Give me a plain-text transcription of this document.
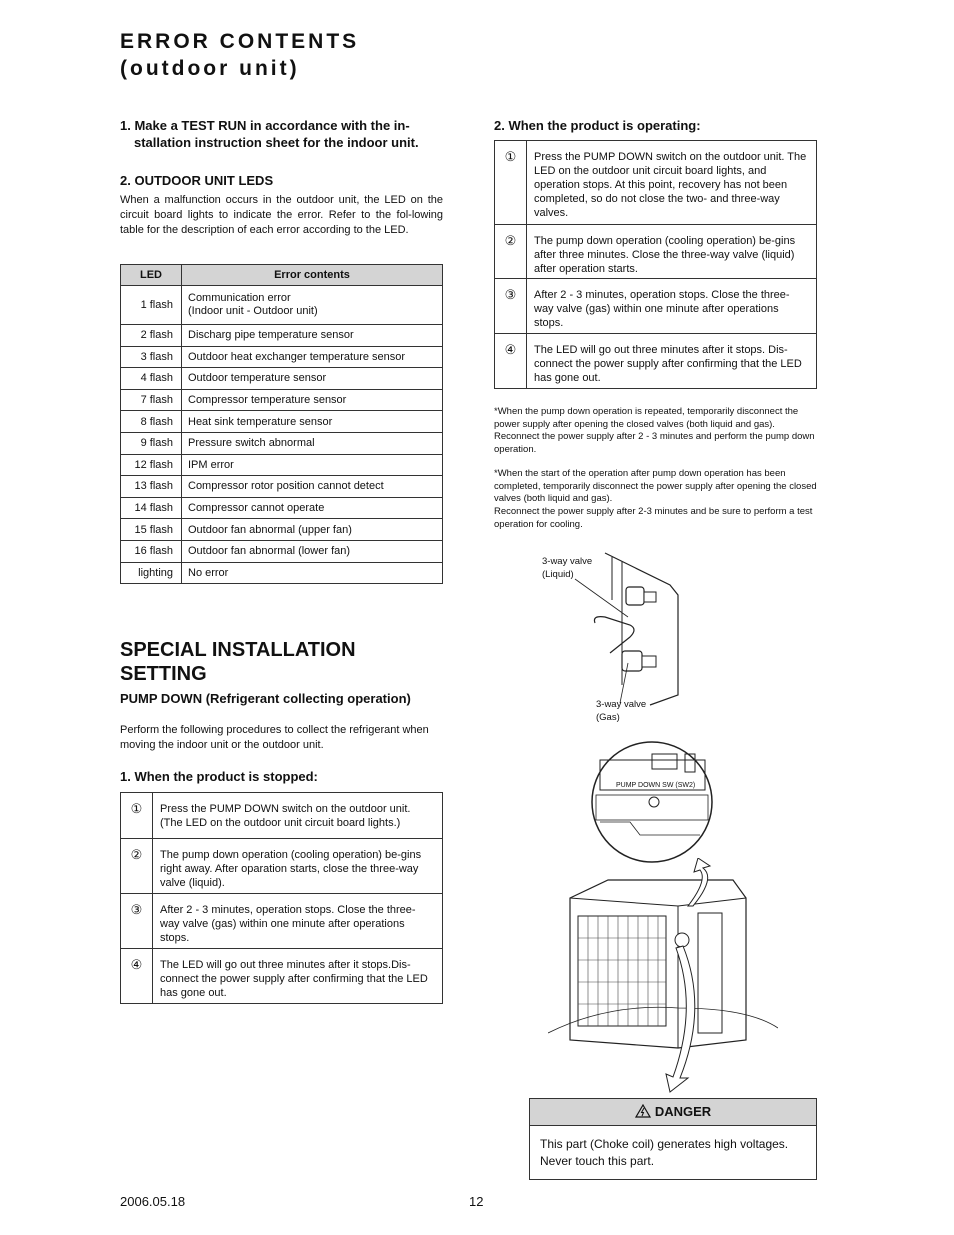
ERROR CONTENTS
(outdoor unit)
1. Make a TEST RUN in accordance with the in-
stallation instruction sheet for the indoor unit.
2. OUTDOOR UNIT LEDS
When a malfunction occurs in the outdoor unit, the LED on the circuit board lights to indicate the error. Refer to the fol-lowing table for the description of each error according to the LED.
LED	Error contents
1 flash	Communication error
(Indoor unit - Outdoor unit)

2 flash	Discharg pipe temperature sensor
3 flash	Outdoor heat exchanger temperature sensor
4 flash	Outdoor temperature sensor
7 flash	Compressor temperature sensor
8 flash	Heat sink temperature sensor
9 flash	Pressure switch abnormal
12 flash	IPM error
13 flash	Compressor rotor position cannot detect
14 flash	Compressor cannot operate
15 flash	Outdoor fan abnormal (upper fan)
16 flash	Outdoor fan abnormal (lower fan)
lighting	No error
SPECIAL INSTALLATION
SETTING
PUMP DOWN (Refrigerant collecting operation)
Perform the following procedures to collect the refrigerant when moving the indoor unit or the outdoor unit.
1. When the product is stopped:
①	Press the PUMP DOWN switch on the outdoor unit. (The LED on the outdoor unit circuit board lights.)
②	The pump down operation (cooling operation) be-gins right away. After oparation starts, close the three-way valve (liquid).
③	After 2 - 3 minutes, operation stops. Close the three-way valve (gas) within one minute after operations stops.
④	The LED will go out three minutes after it stops.Dis-connect the power supply after confirming that the LED has gone out.
2. When the product is operating:
①	Press the PUMP DOWN switch on the outdoor unit. The LED on the outdoor unit circuit board lights, and operation stops. At this point, recovery has not been completed, so do not close the two- and three-way valves.
②	The pump down operation (cooling operation) be-gins after three minutes. Close the three-way valve (liquid) after operation starts.
③	After 2 - 3 minutes, operation stops. Close the three-way valve (gas) within one minute after operations stops.
④	The LED will go out three minutes after it stops. Dis-connect the power supply after confirming that the LED has gone out.
*When the pump down operation is repeated, temporarily disconnect the power supply after opening the closed valves (both liquid and gas). Reconnect the power supply after 2 - 3 minutes and perform the pump down operation.
*When the start of the operation after pump down operation has been completed, temporarily disconnect the power supply after opening the closed valves (both liquid and gas).
Reconnect the power supply after 2-3 minutes and be sure to perform a test operation for cooling.
3-way valve
(Liquid)
3-way valve
(Gas)
PUMP DOWN SW (SW2)
DANGER
This part (Choke coil) generates high voltages. Never touch this part.
2006.05.18	12
